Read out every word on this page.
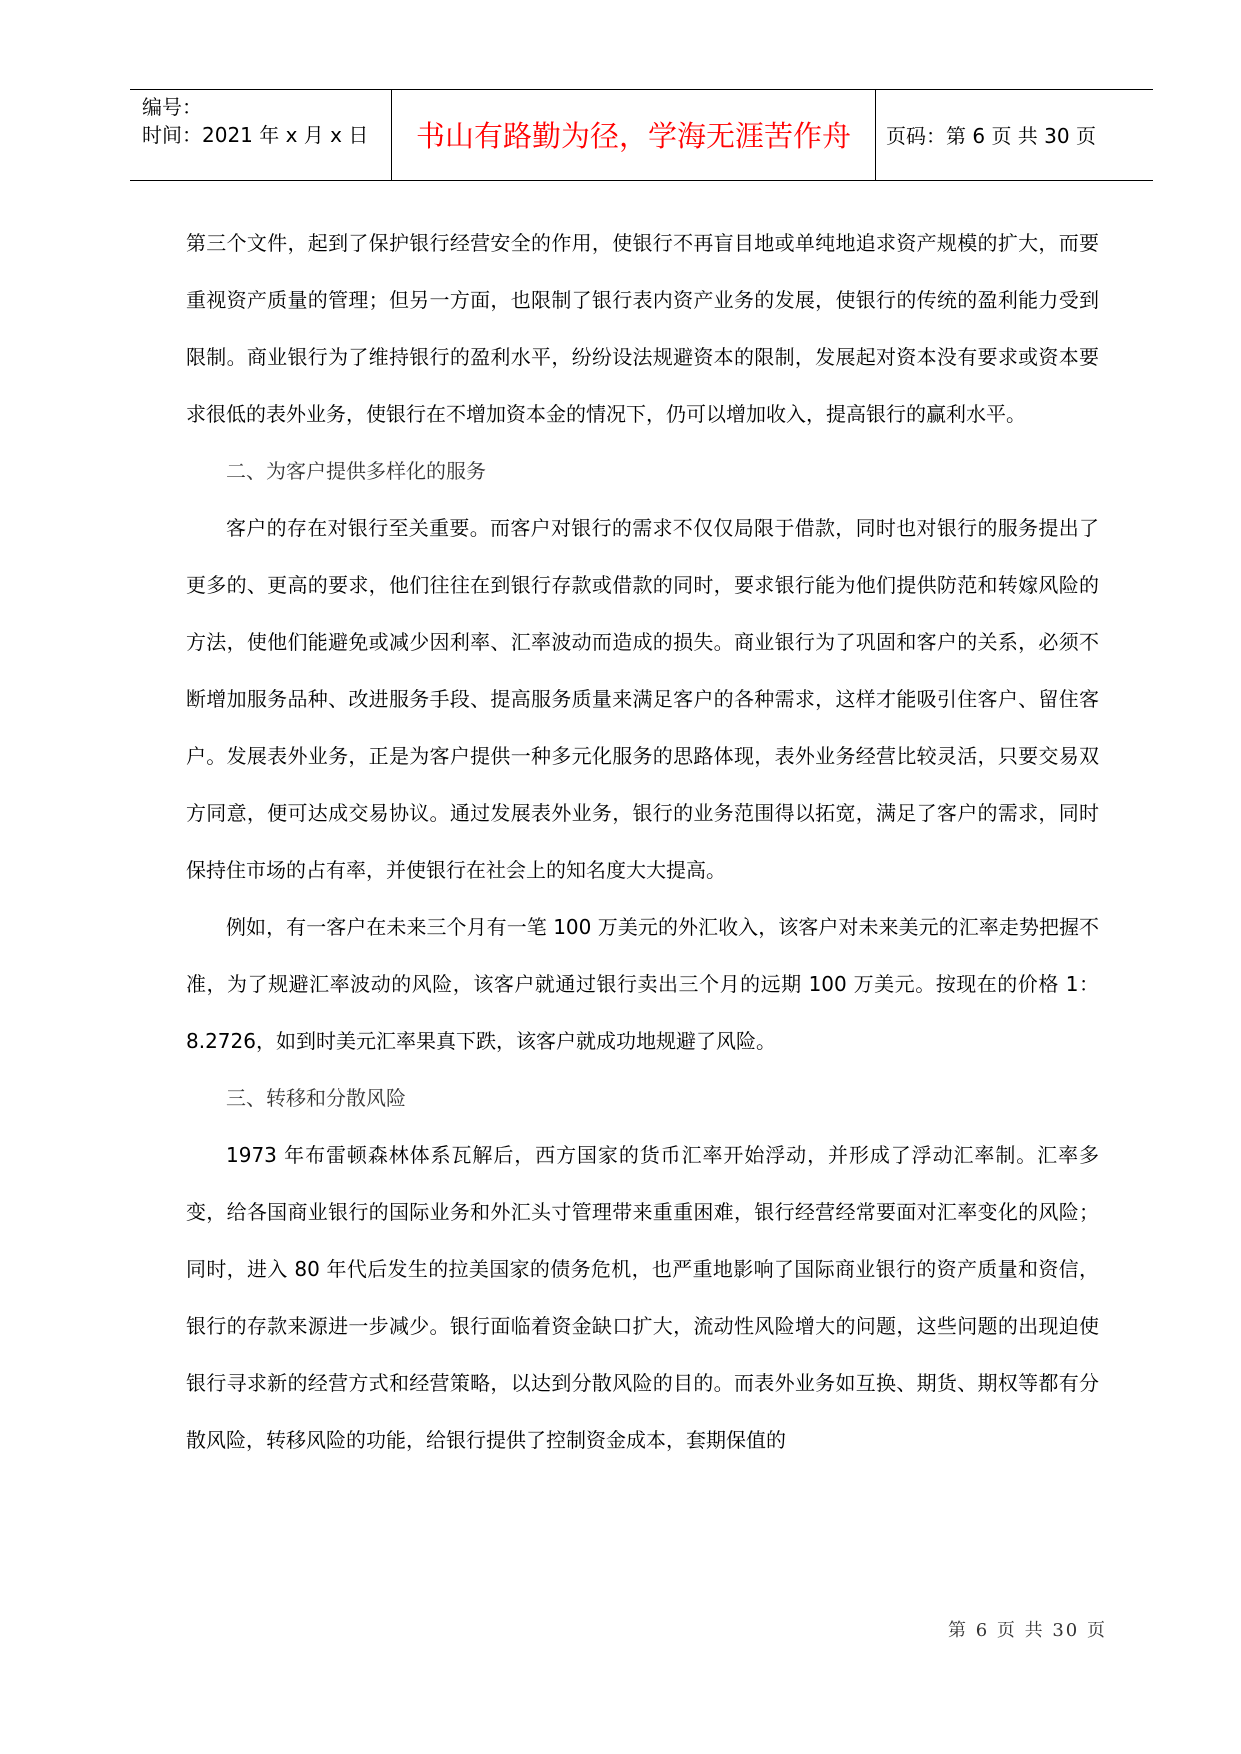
编号：
时间：2021 年 x 月 x 日	书山有路勤为径，学海无涯苦作舟	页码：第 6 页 共 30 页

第三个文件，起到了保护银行经营安全的作用，使银行不再盲目地或单纯地追求资产规模的扩大，而要重视资产质量的管理；但另一方面，也限制了银行表内资产业务的发展，使银行的传统的盈利能力受到限制。商业银行为了维持银行的盈利水平，纷纷设法规避资本的限制，发展起对资本没有要求或资本要求很低的表外业务，使银行在不增加资本金的情况下，仍可以增加收入，提高银行的赢利水平。

二、为客户提供多样化的服务

客户的存在对银行至关重要。而客户对银行的需求不仅仅局限于借款，同时也对银行的服务提出了更多的、更高的要求，他们往往在到银行存款或借款的同时，要求银行能为他们提供防范和转嫁风险的方法，使他们能避免或减少因利率、汇率波动而造成的损失。商业银行为了巩固和客户的关系，必须不断增加服务品种、改进服务手段、提高服务质量来满足客户的各种需求，这样才能吸引住客户、留住客户。发展表外业务，正是为客户提供一种多元化服务的思路体现，表外业务经营比较灵活，只要交易双方同意，便可达成交易协议。通过发展表外业务，银行的业务范围得以拓宽，满足了客户的需求，同时保持住市场的占有率，并使银行在社会上的知名度大大提高。

例如，有一客户在未来三个月有一笔 100 万美元的外汇收入，该客户对未来美元的汇率走势把握不准，为了规避汇率波动的风险，该客户就通过银行卖出三个月的远期 100 万美元。按现在的价格 1：8.2726，如到时美元汇率果真下跌，该客户就成功地规避了风险。

三、转移和分散风险

1973 年布雷顿森林体系瓦解后，西方国家的货币汇率开始浮动，并形成了浮动汇率制。汇率多变，给各国商业银行的国际业务和外汇头寸管理带来重重困难，银行经营经常要面对汇率变化的风险；同时，进入 80 年代后发生的拉美国家的债务危机，也严重地影响了国际商业银行的资产质量和资信，银行的存款来源进一步减少。银行面临着资金缺口扩大，流动性风险增大的问题，这些问题的出现迫使银行寻求新的经营方式和经营策略，以达到分散风险的目的。而表外业务如互换、期货、期权等都有分散风险，转移风险的功能，给银行提供了控制资金成本，套期保值的

第 6 页 共 30 页
